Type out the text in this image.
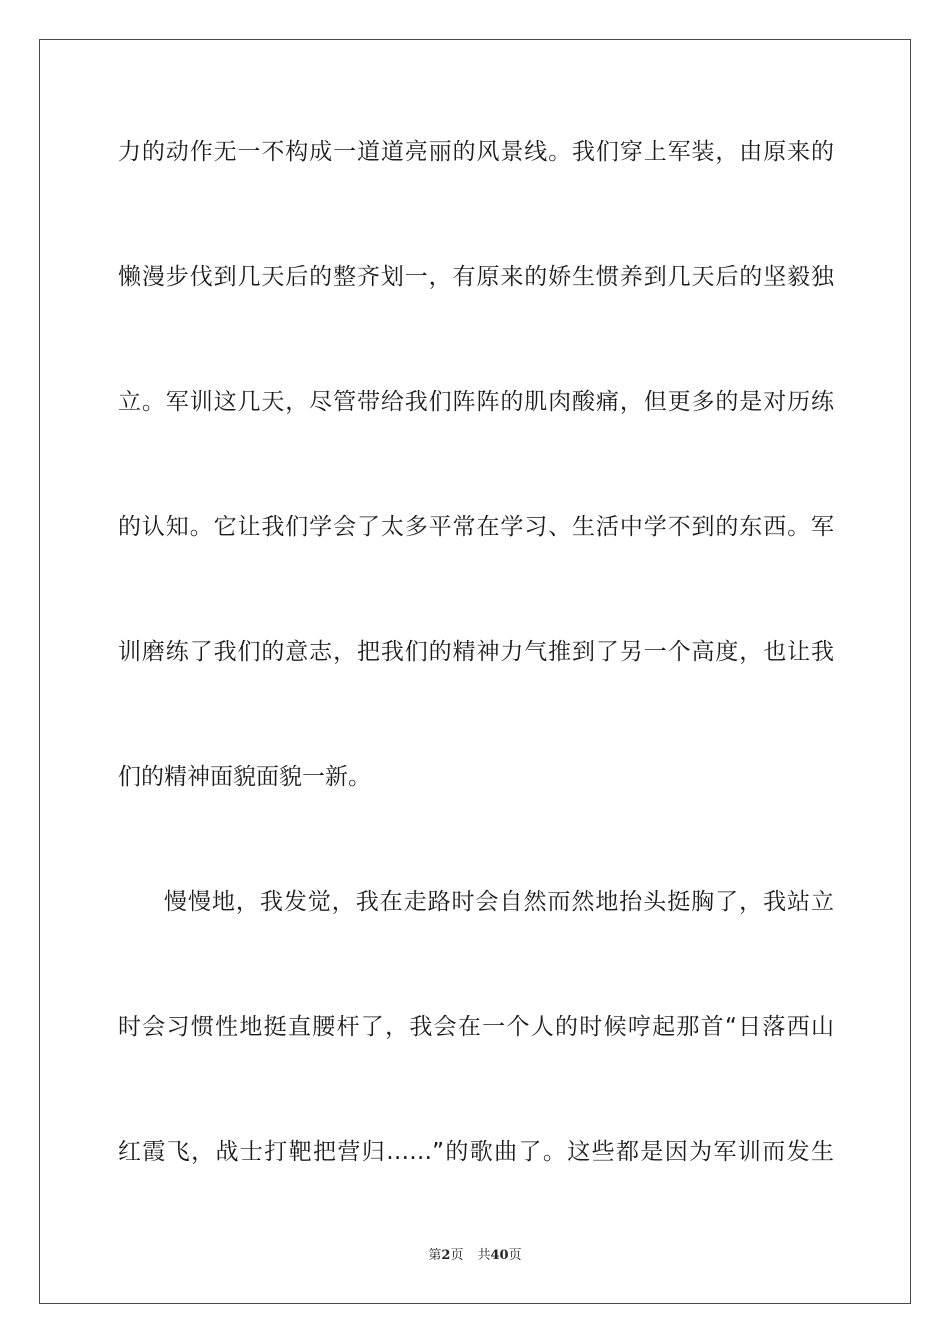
力的动作无一不构成一道道亮丽的风景线。我们穿上军装，由原来的
懒漫步伐到几天后的整齐划一，有原来的娇生惯养到几天后的坚毅独
立。军训这几天，尽管带给我们阵阵的肌肉酸痛，但更多的是对历练
的认知。它让我们学会了太多平常在学习、生活中学不到的东西。军
训磨练了我们的意志，把我们的精神力气推到了另一个高度，也让我
们的精神面貌面貌一新。
慢慢地，我发觉，我在走路时会自然而然地抬头挺胸了，我站立
时会习惯性地挺直腰杆了，我会在一个人的时候哼起那首“日落西山
红霞飞，战士打靶把营归……”的歌曲了。这些都是因为军训而发生
第2页 共40页
